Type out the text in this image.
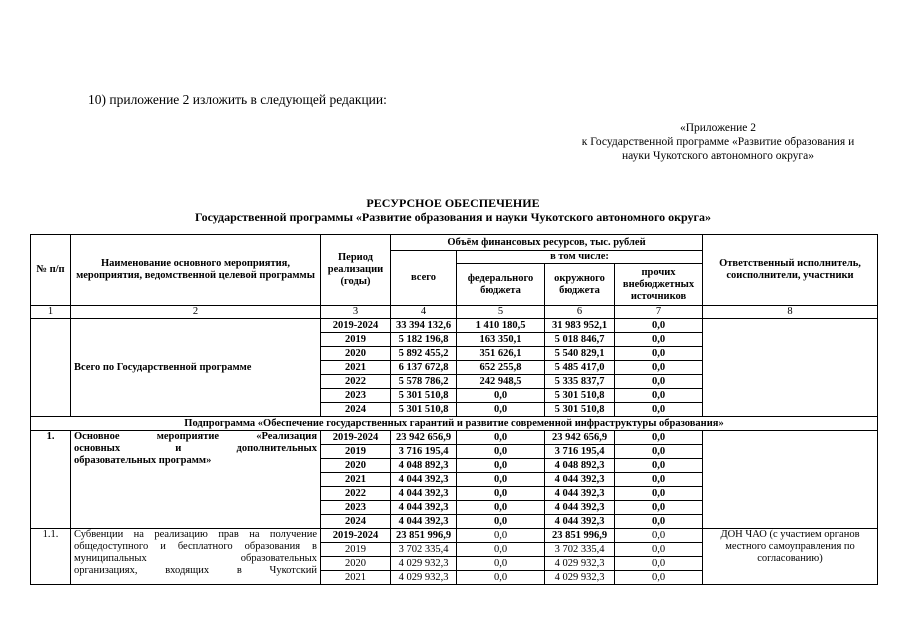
10) приложение 2 изложить в следующей редакции:
«Приложение 2
к Государственной программе «Развитие образования и
науки Чукотского автономного округа»
РЕСУРСНОЕ ОБЕСПЕЧЕНИЕ
Государственной программы «Развитие образования и науки Чукотского автономного округа»
№ п/п	Наименование основного мероприятия, мероприятия, ведомственной целевой программы	Период реализации (годы)	Объём финансовых ресурсов, тыс. рублей				Ответственный исполнитель, соисполнители, участники
			всего	в том числе:			
				федерального бюджета	окружного бюджета	прочих внебюджетных источников	
1	2	3	4	5	6	7	8
	Всего по Государственной программе	2019-2024	33 394 132,6	1 410 180,5	31 983 952,1	0,0	
		2019	5 182 196,8	163 350,1	5 018 846,7	0,0	
		2020	5 892 455,2	351 626,1	5 540 829,1	0,0	
		2021	6 137 672,8	652 255,8	5 485 417,0	0,0	
		2022	5 578 786,2	242 948,5	5 335 837,7	0,0	
		2023	5 301 510,8	0,0	5 301 510,8	0,0	
		2024	5 301 510,8	0,0	5 301 510,8	0,0	
Подпрограмма «Обеспечение государственных гарантий и развитие современной инфраструктуры образования»							
1.	Основное мероприятие «Реализация
основных и дополнительных
образовательных программ»	2019-2024	23 942 656,9	0,0	23 942 656,9	0,0	
		2019	3 716 195,4	0,0	3 716 195,4	0,0	
		2020	4 048 892,3	0,0	4 048 892,3	0,0	
		2021	4 044 392,3	0,0	4 044 392,3	0,0	
		2022	4 044 392,3	0,0	4 044 392,3	0,0	
		2023	4 044 392,3	0,0	4 044 392,3	0,0	
		2024	4 044 392,3	0,0	4 044 392,3	0,0	
1.1.	Субвенции на реализацию прав на получение
общедоступного и бесплатного образования в
муниципальных образовательных
организациях, входящих в Чукотский	2019-2024	23 851 996,9	0,0	23 851 996,9	0,0	ДОН ЧАО (с участием органов местного самоуправления по согласованию)
		2019	3 702 335,4	0,0	3 702 335,4	0,0	
		2020	4 029 932,3	0,0	4 029 932,3	0,0	
		2021	4 029 932,3	0,0	4 029 932,3	0,0	
